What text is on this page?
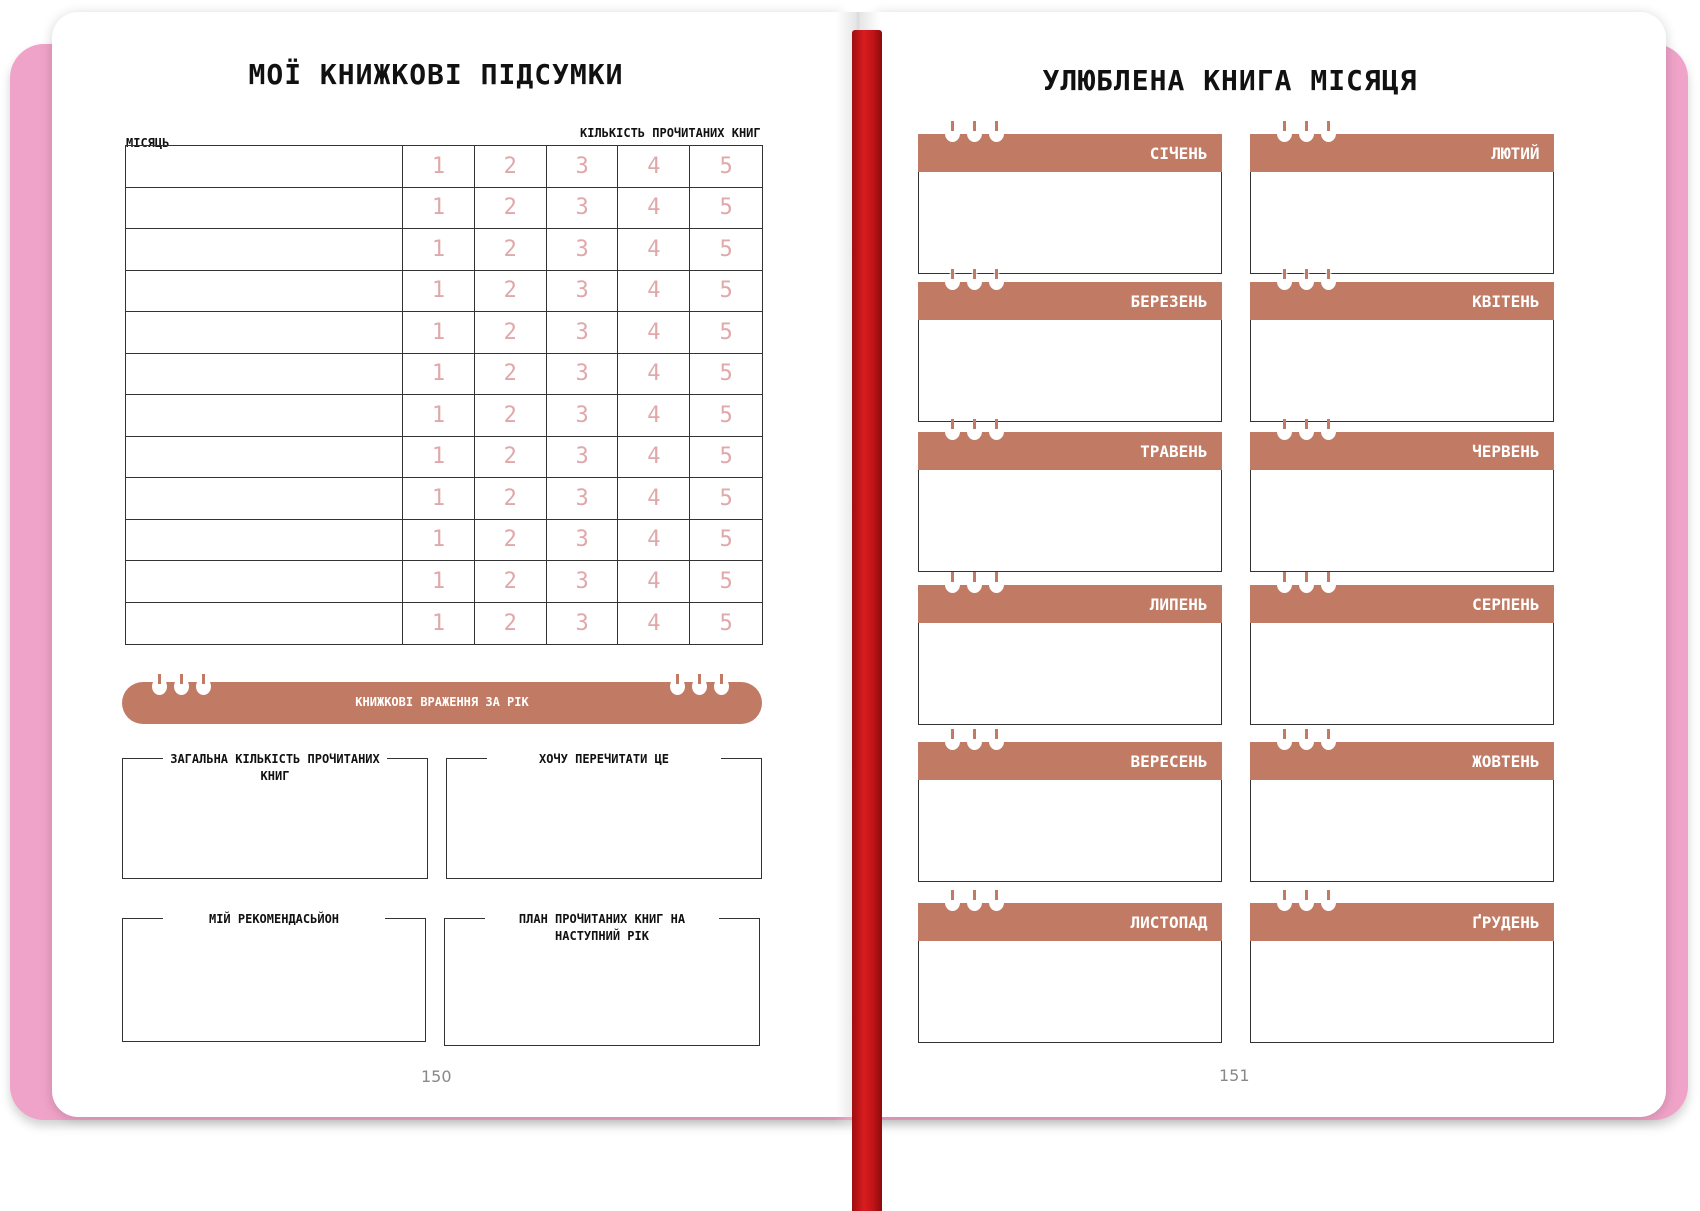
МОЇ КНИЖКОВІ ПІДСУМКИ
МІСЯЦЬ
КІЛЬКІСТЬ ПРОЧИТАНИХ КНИГ
1	2	3	4	5
1	2	3	4	5
1	2	3	4	5
1	2	3	4	5
1	2	3	4	5
1	2	3	4	5
1	2	3	4	5
1	2	3	4	5
1	2	3	4	5
1	2	3	4	5
1	2	3	4	5
1	2	3	4	5
КНИЖКОВІ ВРАЖЕННЯ ЗА РІК
ЗАГАЛЬНА КІЛЬКІСТЬ ПРОЧИТАНИХ КНИГ
ХОЧУ ПЕРЕЧИТАТИ ЦЕ
МІЙ РЕКОМЕНДАСЬЙОН	ПЛАН ПРОЧИТАНИХ КНИГ НА НАСТУПНИЙ РІК
150
УЛЮБЛЕНА КНИГА МІСЯЦЯ
СІЧЕНЬ	ЛЮТИЙ
БЕРЕЗЕНЬ	КВІТЕНЬ
ТРАВЕНЬ	ЧЕРВЕНЬ
ЛИПЕНЬ	СЕРПЕНЬ
ВЕРЕСЕНЬ	ЖОВТЕНЬ
ЛИСТОПАД	ҐРУДЕНЬ
151
